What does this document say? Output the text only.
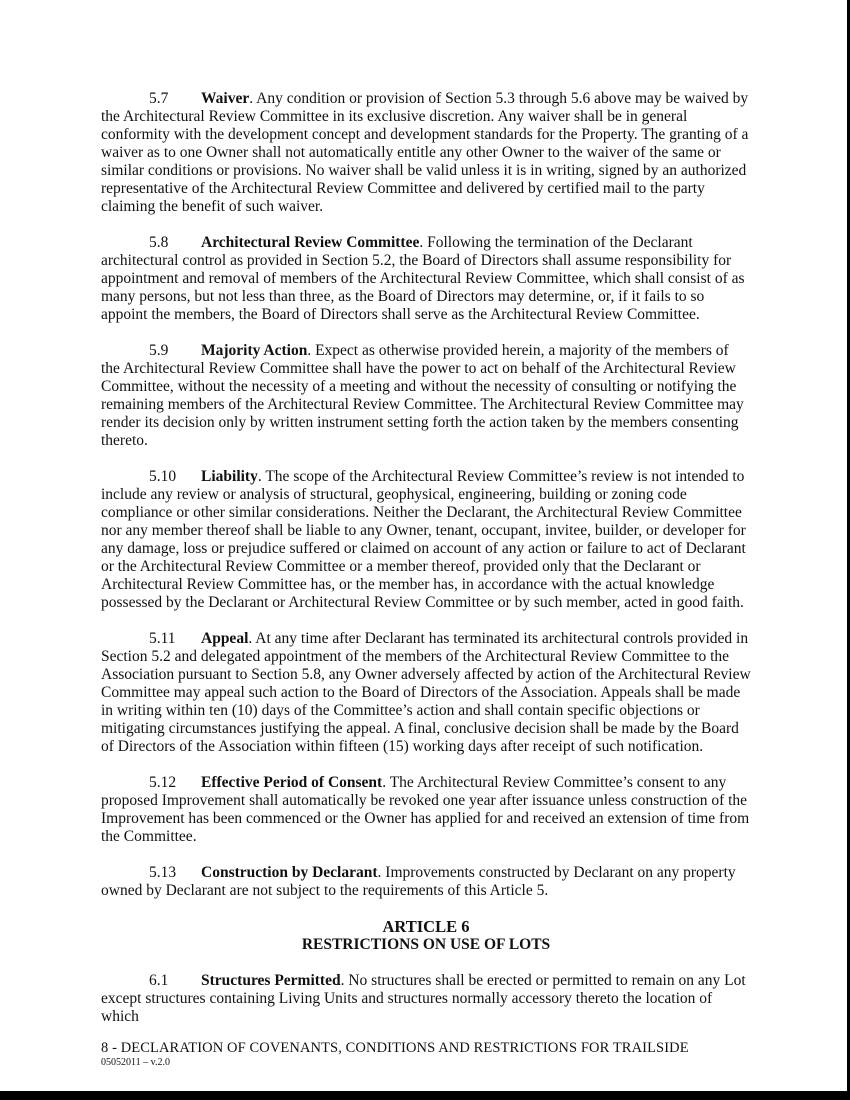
5.7 Waiver. Any condition or provision of Section 5.3 through 5.6 above may be waived by the Architectural Review Committee in its exclusive discretion. Any waiver shall be in general conformity with the development concept and development standards for the Property. The granting of a waiver as to one Owner shall not automatically entitle any other Owner to the waiver of the same or similar conditions or provisions. No waiver shall be valid unless it is in writing, signed by an authorized representative of the Architectural Review Committee and delivered by certified mail to the party claiming the benefit of such waiver.

5.8 Architectural Review Committee. Following the termination of the Declarant architectural control as provided in Section 5.2, the Board of Directors shall assume responsibility for appointment and removal of members of the Architectural Review Committee, which shall consist of as many persons, but not less than three, as the Board of Directors may determine, or, if it fails to so appoint the members, the Board of Directors shall serve as the Architectural Review Committee.

5.9 Majority Action. Expect as otherwise provided herein, a majority of the members of the Architectural Review Committee shall have the power to act on behalf of the Architectural Review Committee, without the necessity of a meeting and without the necessity of consulting or notifying the remaining members of the Architectural Review Committee. The Architectural Review Committee may render its decision only by written instrument setting forth the action taken by the members consenting thereto.

5.10 Liability. The scope of the Architectural Review Committee’s review is not intended to include any review or analysis of structural, geophysical, engineering, building or zoning code compliance or other similar considerations. Neither the Declarant, the Architectural Review Committee nor any member thereof shall be liable to any Owner, tenant, occupant, invitee, builder, or developer for any damage, loss or prejudice suffered or claimed on account of any action or failure to act of Declarant or the Architectural Review Committee or a member thereof, provided only that the Declarant or Architectural Review Committee has, or the member has, in accordance with the actual knowledge possessed by the Declarant or Architectural Review Committee or by such member, acted in good faith.

5.11 Appeal. At any time after Declarant has terminated its architectural controls provided in Section 5.2 and delegated appointment of the members of the Architectural Review Committee to the Association pursuant to Section 5.8, any Owner adversely affected by action of the Architectural Review Committee may appeal such action to the Board of Directors of the Association. Appeals shall be made in writing within ten (10) days of the Committee’s action and shall contain specific objections or mitigating circumstances justifying the appeal. A final, conclusive decision shall be made by the Board of Directors of the Association within fifteen (15) working days after receipt of such notification.

5.12 Effective Period of Consent. The Architectural Review Committee’s consent to any proposed Improvement shall automatically be revoked one year after issuance unless construction of the Improvement has been commenced or the Owner has applied for and received an extension of time from the Committee.

5.13 Construction by Declarant. Improvements constructed by Declarant on any property owned by Declarant are not subject to the requirements of this Article 5.

ARTICLE 6
RESTRICTIONS ON USE OF LOTS

6.1 Structures Permitted. No structures shall be erected or permitted to remain on any Lot except structures containing Living Units and structures normally accessory thereto the location of which

8 - DECLARATION OF COVENANTS, CONDITIONS AND RESTRICTIONS FOR TRAILSIDE
05052011 – v.2.0
